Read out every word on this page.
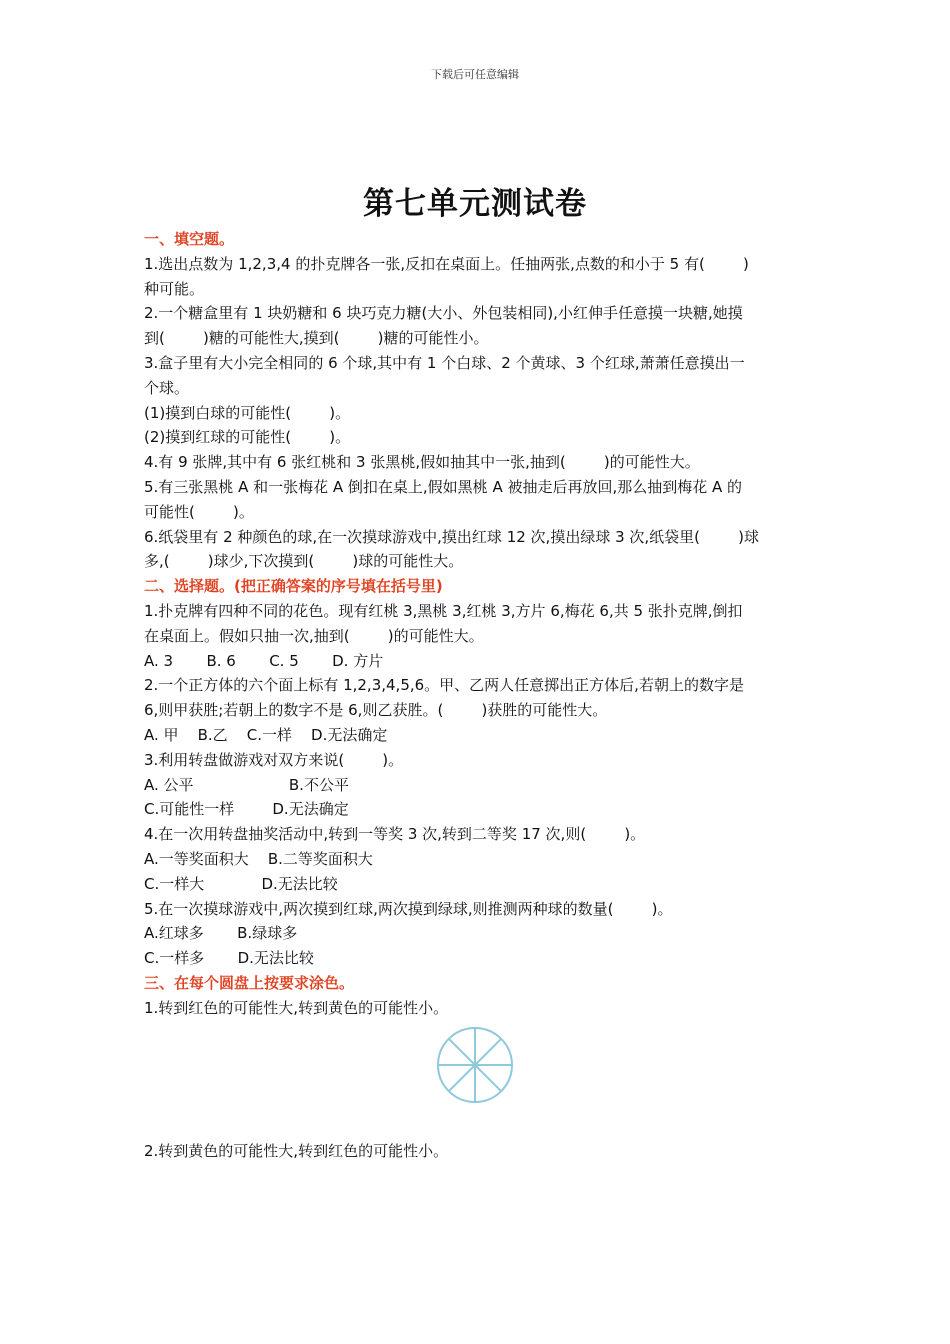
下载后可任意编辑
第七单元测试卷

一、填空题。

1.选出点数为 1,2,3,4 的扑克牌各一张,反扣在桌面上。任抽两张,点数的和小于 5 有(        )

种可能。

2.一个糖盒里有 1 块奶糖和 6 块巧克力糖(大小、外包装相同),小红伸手任意摸一块糖,她摸

到(        )糖的可能性大,摸到(        )糖的可能性小。

3.盒子里有大小完全相同的 6 个球,其中有 1 个白球、2 个黄球、3 个红球,萧萧任意摸出一

个球。

(1)摸到白球的可能性(        )。

(2)摸到红球的可能性(        )。

4.有 9 张牌,其中有 6 张红桃和 3 张黑桃,假如抽其中一张,抽到(        )的可能性大。

5.有三张黑桃 A 和一张梅花 A 倒扣在桌上,假如黑桃 A 被抽走后再放回,那么抽到梅花 A 的

可能性(        )。

6.纸袋里有 2 种颜色的球,在一次摸球游戏中,摸出红球 12 次,摸出绿球 3 次,纸袋里(        )球

多,(        )球少,下次摸到(        )球的可能性大。

二、选择题。(把正确答案的序号填在括号里)

1.扑克牌有四种不同的花色。现有红桃 3,黑桃 3,红桃 3,方片 6,梅花 6,共 5 张扑克牌,倒扣

在桌面上。假如只抽一次,抽到(        )的可能性大。

A. 3       B. 6       C. 5       D. 方片

2.一个正方体的六个面上标有 1,2,3,4,5,6。甲、乙两人任意掷出正方体后,若朝上的数字是

6,则甲获胜;若朝上的数字不是 6,则乙获胜。(        )获胜的可能性大。

A. 甲    B.乙    C.一样    D.无法确定

3.利用转盘做游戏对双方来说(        )。

A. 公平                    B.不公平

C.可能性一样        D.无法确定

4.在一次用转盘抽奖活动中,转到一等奖 3 次,转到二等奖 17 次,则(        )。

A.一等奖面积大    B.二等奖面积大

C.一样大            D.无法比较

5.在一次摸球游戏中,两次摸到红球,两次摸到绿球,则推测两种球的数量(        )。

A.红球多       B.绿球多

C.一样多       D.无法比较

三、在每个圆盘上按要求涂色。

1.转到红色的可能性大,转到黄色的可能性小。

2.转到黄色的可能性大,转到红色的可能性小。
